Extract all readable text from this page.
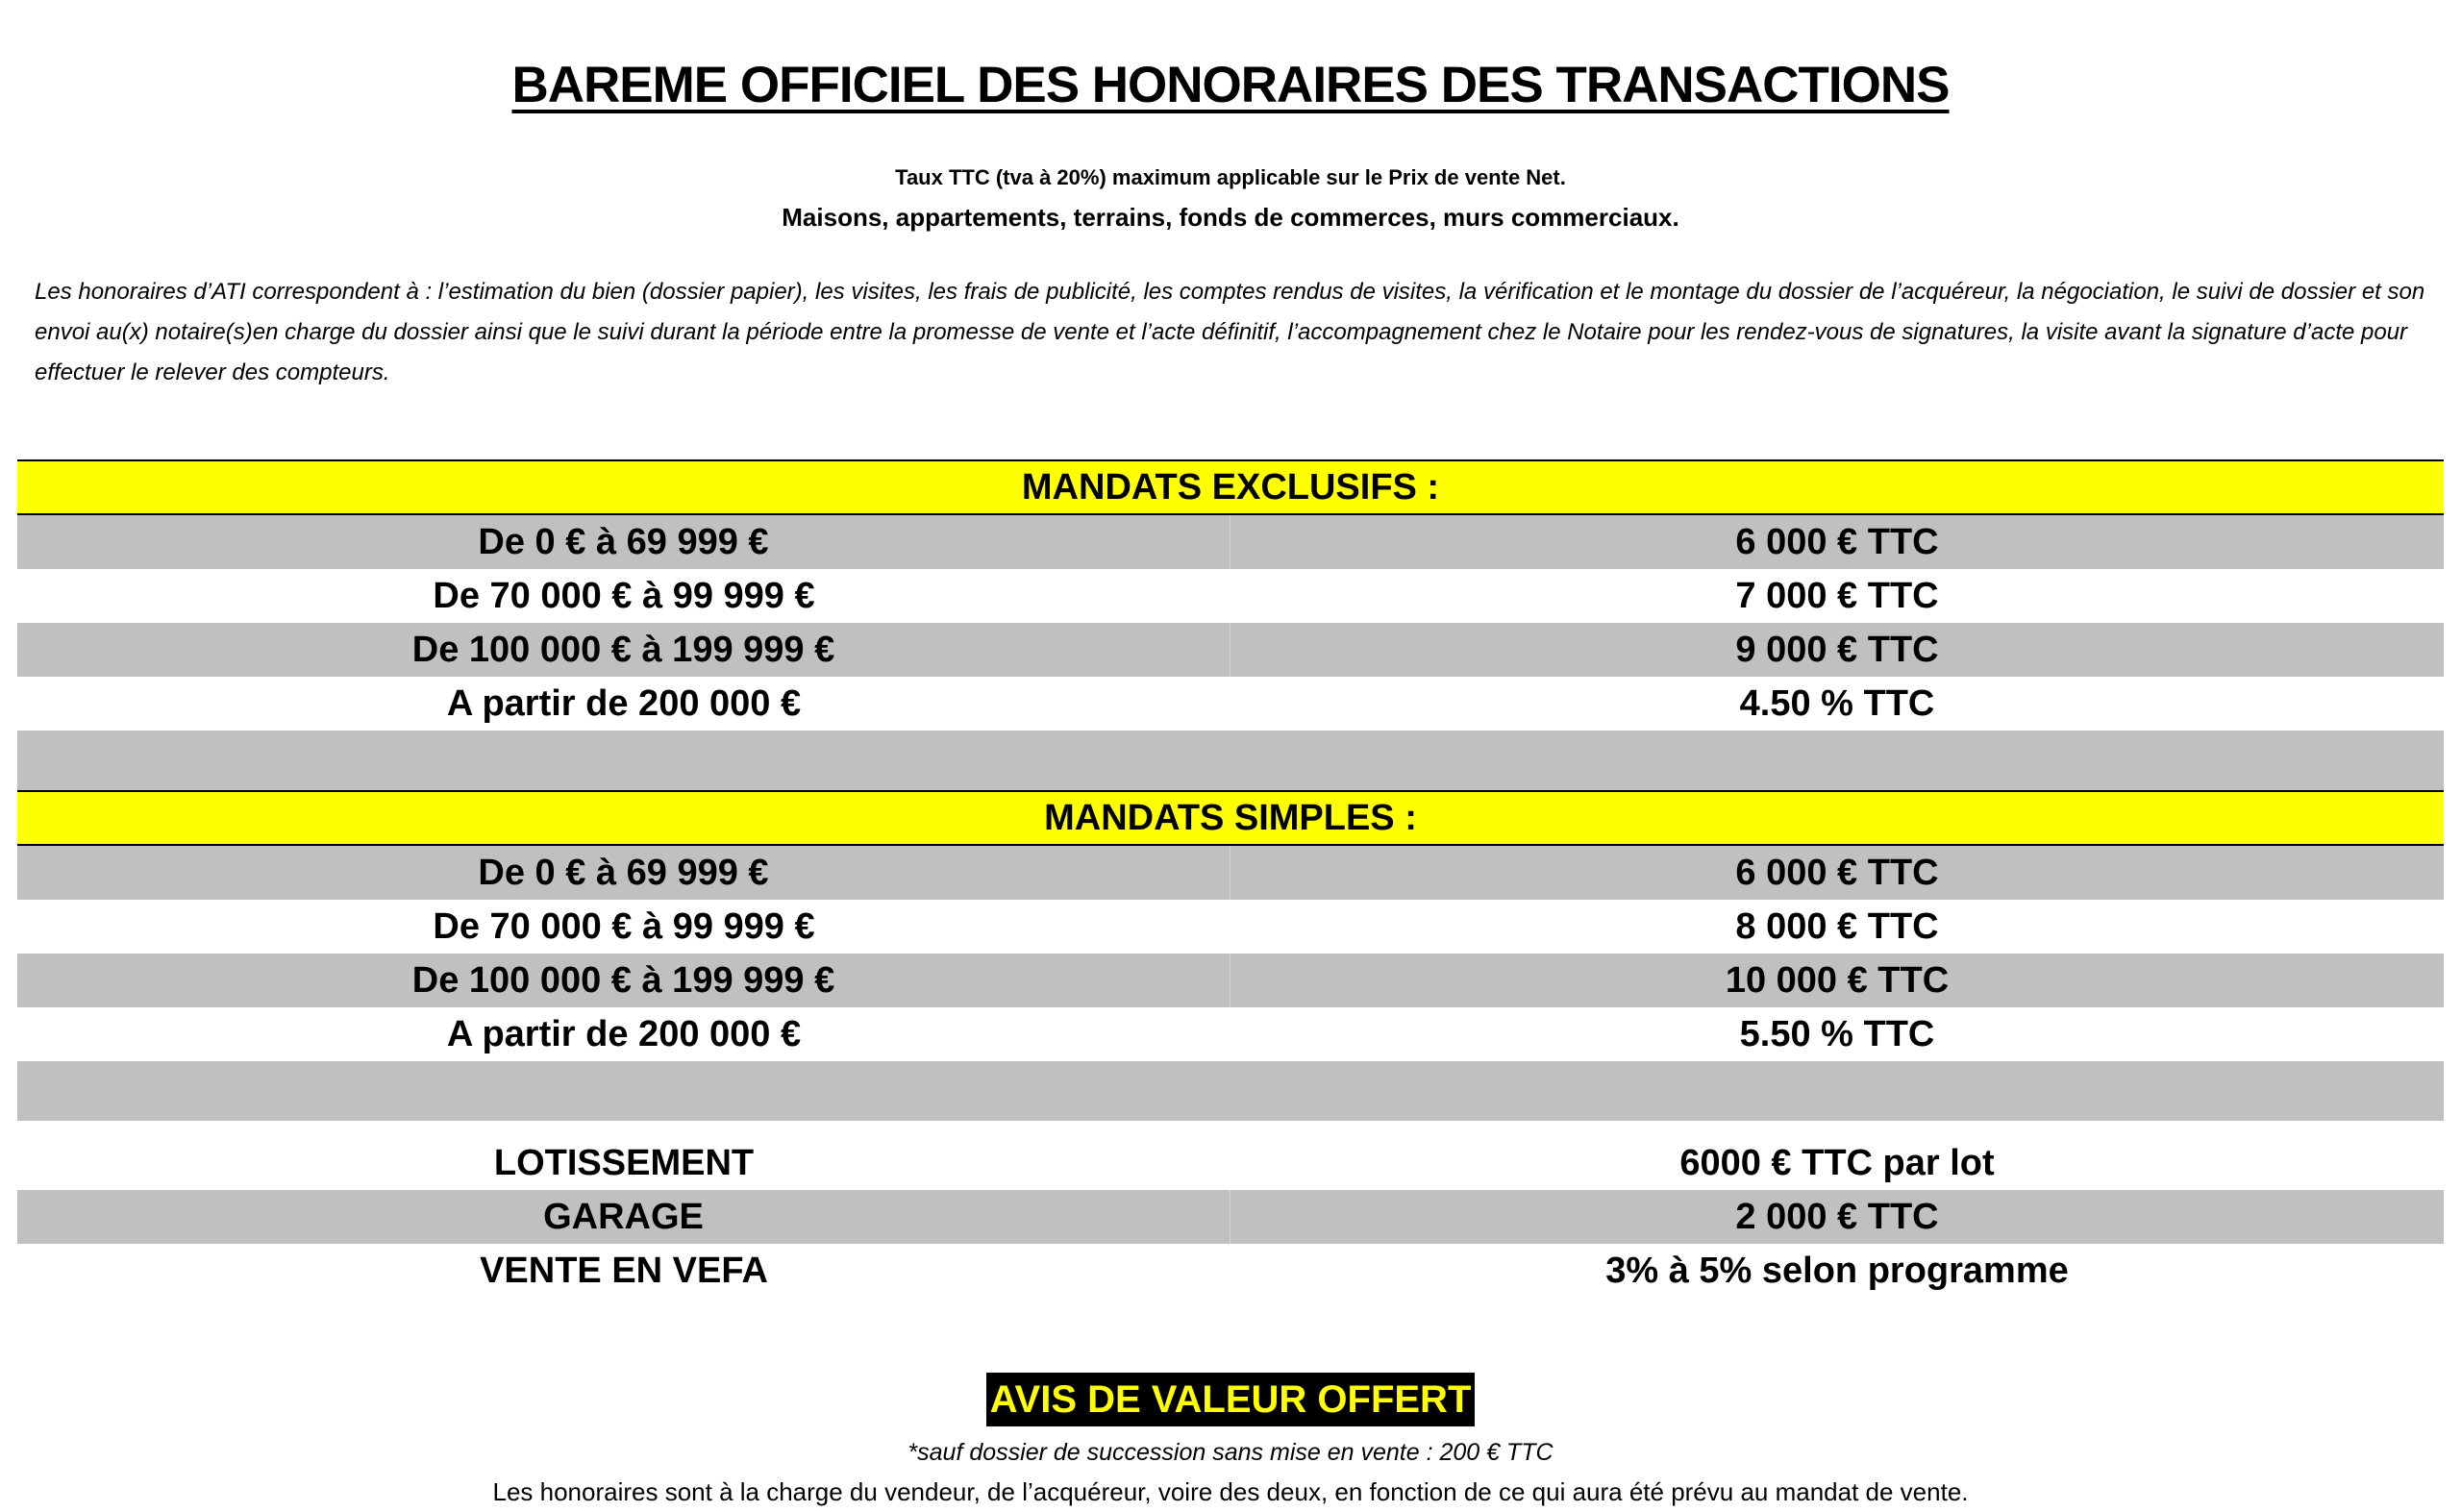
BAREME OFFICIEL DES HONORAIRES DES TRANSACTIONS
Taux TTC (tva à 20%) maximum applicable sur le Prix de vente Net.
Maisons, appartements, terrains, fonds de commerces, murs commerciaux.
Les honoraires d’ATI correspondent à : l’estimation du bien (dossier papier), les visites, les frais de publicité, les comptes rendus de visites, la vérification et le montage du dossier de l’acquéreur, la négociation, le suivi de dossier et son envoi au(x) notaire(s)en charge du dossier ainsi que le suivi durant la période entre la promesse de vente et l’acte définitif, l’accompagnement chez le Notaire pour les rendez-vous de signatures, la visite avant la signature d’acte pour effectuer le relever des compteurs.
MANDATS EXCLUSIFS :
De 0 € à 69 999 €	6 000 € TTC
De 70 000 € à 99 999 €	7 000 € TTC
De 100 000 € à 199 999 €	9 000 € TTC
A partir de 200 000 €	4.50 % TTC
MANDATS SIMPLES :
De 0 € à 69 999 €	6 000 € TTC
De 70 000 € à 99 999 €	8 000 € TTC
De 100 000 € à 199 999 €	10 000 € TTC
A partir de 200 000 €	5.50 % TTC
LOTISSEMENT	6000 € TTC par lot
GARAGE	2 000 € TTC
VENTE EN VEFA	3% à 5% selon programme
AVIS DE VALEUR OFFERT
*sauf dossier de succession sans mise en vente : 200 € TTC
Les honoraires sont à la charge du vendeur, de l’acquéreur, voire des deux, en fonction de ce qui aura été prévu au mandat de vente.
